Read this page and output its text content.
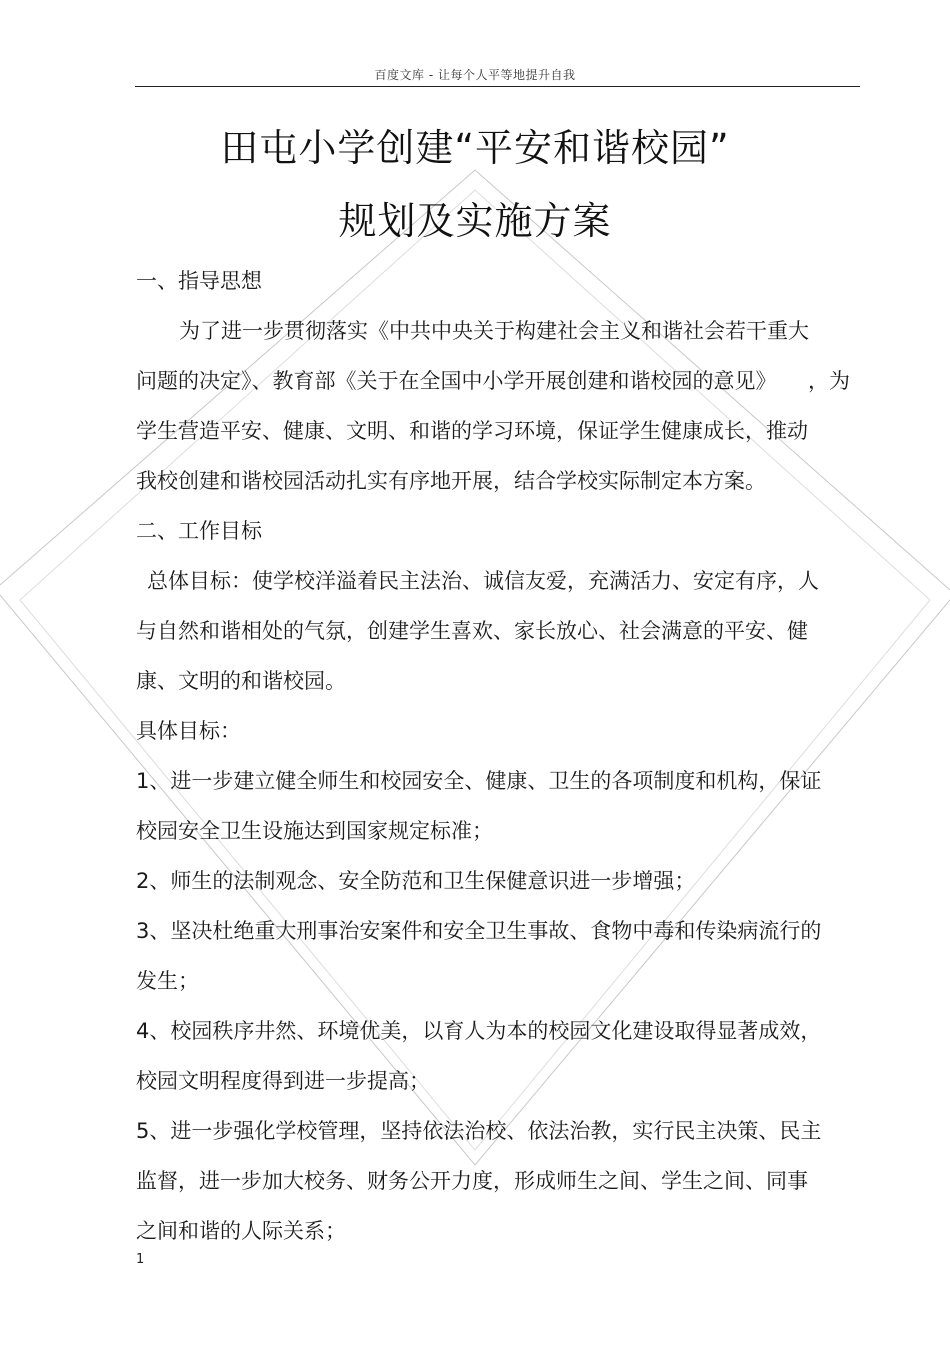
百度文库 - 让每个人平等地提升自我
田屯小学创建“平安和谐校园”
规划及实施方案
一、指导思想
为了进一步贯彻落实《中共中央关于构建社会主义和谐社会若干重大
问题的决定》、教育部《关于在全国中小学开展创建和谐校园的意见》　　，为
学生营造平安、健康、文明、和谐的学习环境，保证学生健康成长，推动
我校创建和谐校园活动扎实有序地开展，结合学校实际制定本方案。
二、工作目标
总体目标：使学校洋溢着民主法治、诚信友爱，充满活力、安定有序，人
与自然和谐相处的气氛，创建学生喜欢、家长放心、社会满意的平安、健
康、文明的和谐校园。
具体目标：
1、进一步建立健全师生和校园安全、健康、卫生的各项制度和机构，保证
校园安全卫生设施达到国家规定标准；
2、师生的法制观念、安全防范和卫生保健意识进一步增强；
3、坚决杜绝重大刑事治安案件和安全卫生事故、食物中毒和传染病流行的
发生；
4、校园秩序井然、环境优美，以育人为本的校园文化建设取得显著成效，
校园文明程度得到进一步提高；
5、进一步强化学校管理，坚持依法治校、依法治教，实行民主决策、民主
监督，进一步加大校务、财务公开力度，形成师生之间、学生之间、同事
之间和谐的人际关系；
1
